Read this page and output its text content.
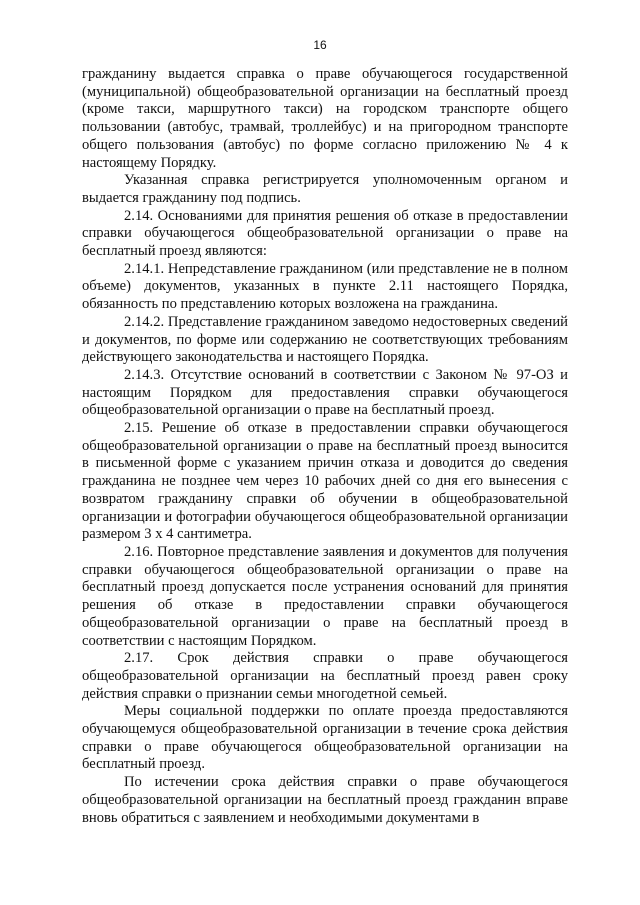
16

гражданину выдается справка о праве обучающегося государственной (муниципальной) общеобразовательной организации на бесплатный проезд (кроме такси, маршрутного такси) на городском транспорте общего пользовании (автобус, трамвай, троллейбус) и на пригородном транспорте общего пользования (автобус) по форме согласно приложению № 4 к настоящему Порядку.

Указанная справка регистрируется уполномоченным органом и выдается гражданину под подпись.

2.14. Основаниями для принятия решения об отказе в предоставлении справки обучающегося общеобразовательной организации о праве на бесплатный проезд являются:

2.14.1. Непредставление гражданином (или представление не в полном объеме) документов, указанных в пункте 2.11 настоящего Порядка, обязанность по представлению которых возложена на гражданина.

2.14.2. Представление гражданином заведомо недостоверных сведений и документов, по форме или содержанию не соответствующих требованиям действующего законодательства и настоящего Порядка.

2.14.3. Отсутствие оснований в соответствии с Законом № 97-ОЗ и настоящим Порядком для предоставления справки обучающегося общеобразовательной организации о праве на бесплатный проезд.

2.15. Решение об отказе в предоставлении справки обучающегося общеобразовательной организации о праве на бесплатный проезд выносится в письменной форме с указанием причин отказа и доводится до сведения гражданина не позднее чем через 10 рабочих дней со дня его вынесения с возвратом гражданину справки об обучении в общеобразовательной организации и фотографии обучающегося общеобразовательной организации размером 3 х 4 сантиметра.

2.16. Повторное представление заявления и документов для получения справки обучающегося общеобразовательной организации о праве на бесплатный проезд допускается после устранения оснований для принятия решения об отказе в предоставлении справки обучающегося общеобразовательной организации о праве на бесплатный проезд в соответствии с настоящим Порядком.

2.17. Срок действия справки о праве обучающегося общеобразовательной организации на бесплатный проезд равен сроку действия справки о признании семьи многодетной семьей.

Меры социальной поддержки по оплате проезда предоставляются обучающемуся общеобразовательной организации в течение срока действия справки о праве обучающегося общеобразовательной организации на бесплатный проезд.

По истечении срока действия справки о праве обучающегося общеобразовательной организации на бесплатный проезд гражданин вправе вновь обратиться с заявлением и необходимыми документами в
